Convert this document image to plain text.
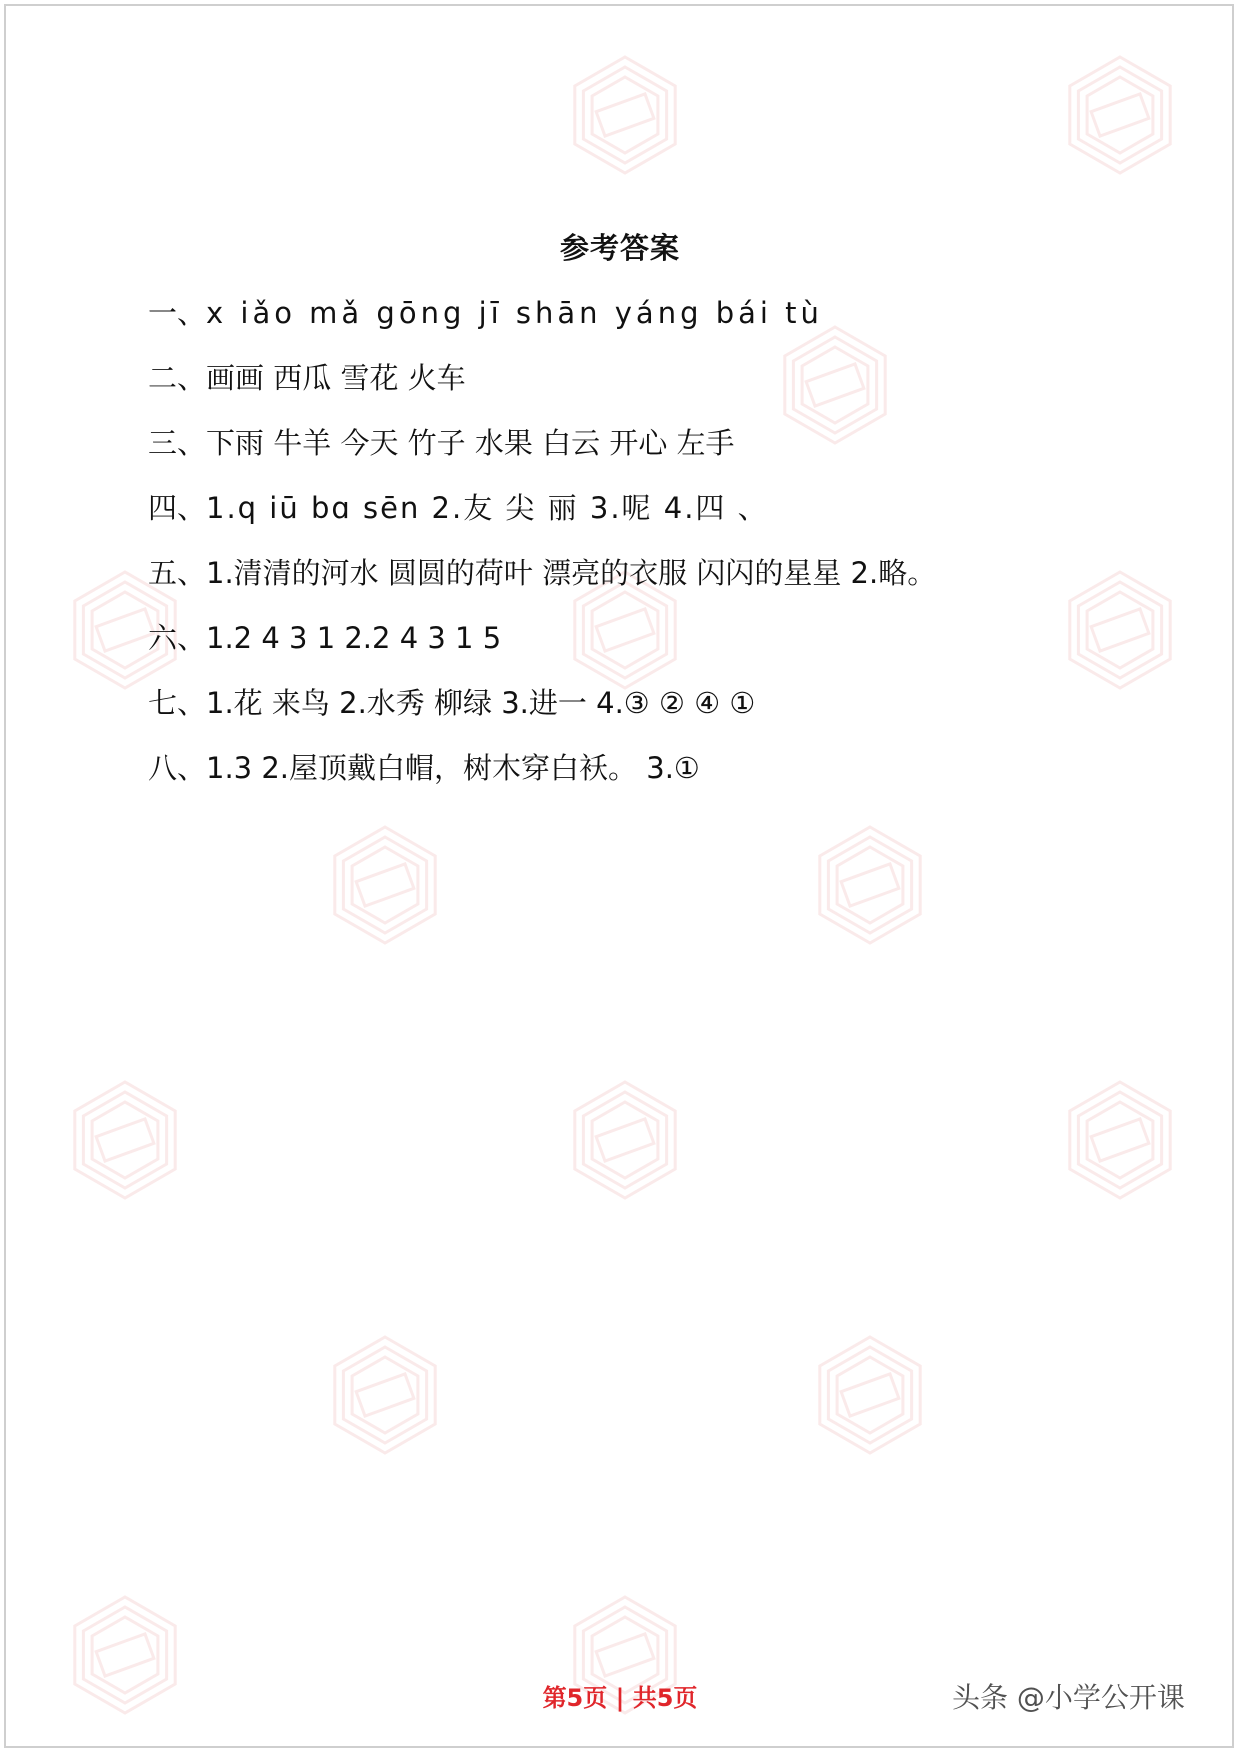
参考答案
一、x iǎo mǎ gōng jī shān yáng bái tù
二、画画 西瓜 雪花 火车
三、下雨 牛羊 今天 竹子 水果 白云 开心 左手
四、1.q iū bɑ sēn 2.友 尖 丽 3.呢 4.四 、
五、1.清清的河水 圆圆的荷叶 漂亮的衣服 闪闪的星星 2.略。
六、1.2 4 3 1 2.2 4 3 1 5
七、1.花 来鸟 2.水秀 柳绿 3.进一 4.③ ② ④ ①
八、1.3 2.屋顶戴白帽，树木穿白袄。 3.①
第5页 | 共5页	头条 @小学公开课
